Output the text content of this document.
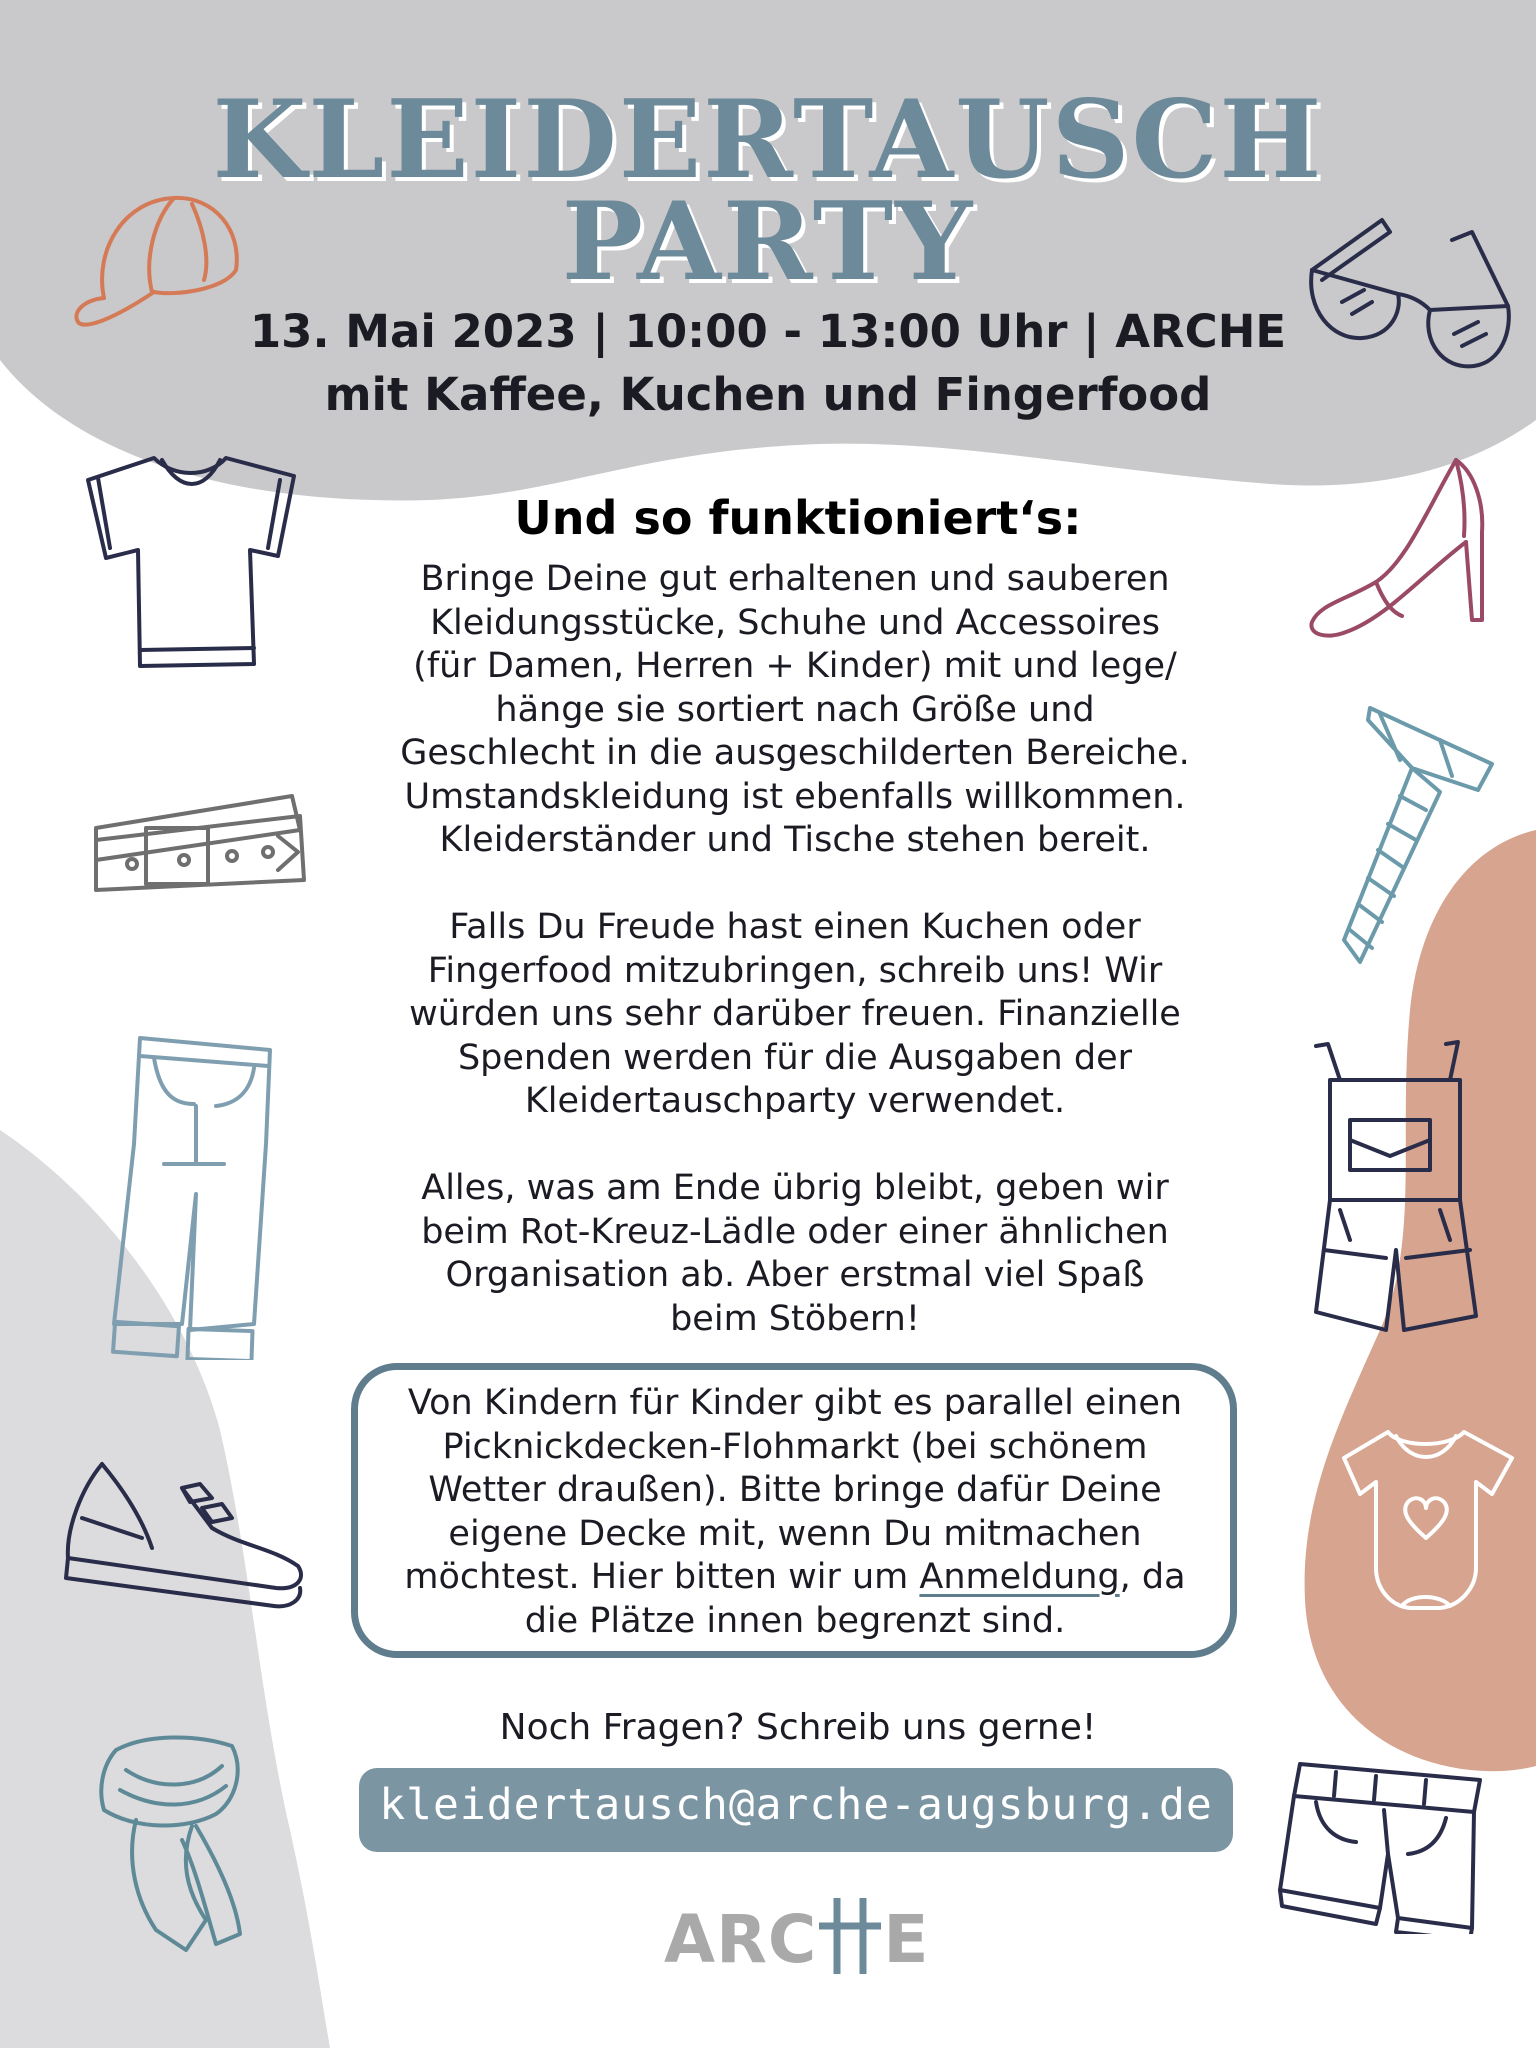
KLEIDERTAUSCH
PARTY
13. Mai 2023 | 10:00 - 13:00 Uhr | ARCHE
mit Kaffee, Kuchen und Fingerfood
Und so funktioniert‘s:
Bringe Deine gut erhaltenen und sauberen
Kleidungsstücke, Schuhe und Accessoires
(für Damen, Herren + Kinder) mit und lege/
hänge sie sortiert nach Größe und
Geschlecht in die ausgeschilderten Bereiche.
Umstandskleidung ist ebenfalls willkommen.
Kleiderständer und Tische stehen bereit.
Falls Du Freude hast einen Kuchen oder
Fingerfood mitzubringen, schreib uns! Wir
würden uns sehr darüber freuen. Finanzielle
Spenden werden für die Ausgaben der
Kleidertauschparty verwendet.
Alles, was am Ende übrig bleibt, geben wir
beim Rot-Kreuz-Lädle oder einer ähnlichen
Organisation ab. Aber erstmal viel Spaß
beim Stöbern!
Von Kindern für Kinder gibt es parallel einen
Picknickdecken-Flohmarkt (bei schönem
Wetter draußen). Bitte bringe dafür Deine
eigene Decke mit, wenn Du mitmachen
möchtest. Hier bitten wir um Anmeldung, da
die Plätze innen begrenzt sind.
Noch Fragen? Schreib uns gerne!
kleidertausch@arche-augsburg.de
ARC E
